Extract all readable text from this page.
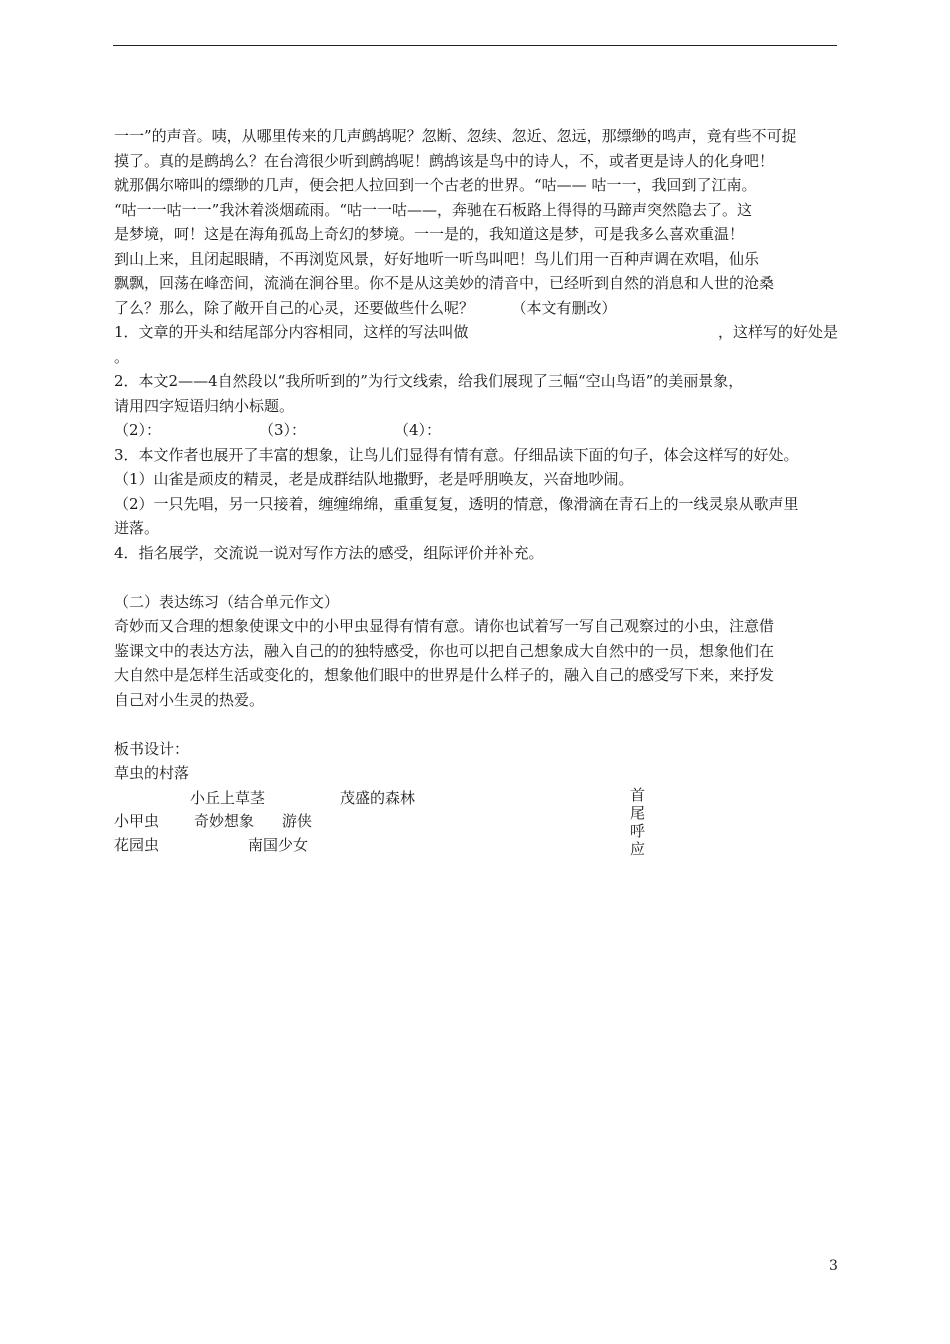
一一”的声音。咦，从哪里传来的几声鹧鸪呢？忽断、忽续、忽近、忽远，那缥缈的鸣声，竟有些不可捉
摸了。真的是鹧鸪么？在台湾很少听到鹧鸪呢！鹧鸪该是鸟中的诗人，不，或者更是诗人的化身吧！
就那偶尔啼叫的缥缈的几声，便会把人拉回到一个古老的世界。“咕—— 咕一一，我回到了江南。
“咕一一咕一一”我沐着淡烟疏雨。“咕一一咕——，奔驰在石板路上得得的马蹄声突然隐去了。这
是梦境，呵！这是在海角孤岛上奇幻的梦境。一一是的，我知道这是梦，可是我多么喜欢重温！
到山上来，且闭起眼睛，不再浏览风景，好好地听一听鸟叫吧！鸟儿们用一百种声调在欢唱，仙乐
飘飘，回荡在峰峦间，流淌在涧谷里。你不是从这美妙的清音中，已经听到自然的消息和人世的沧桑
了么？那么，除了敞开自己的心灵，还要做些什么呢？　　　（本文有删改）
1．文章的开头和结尾部分内容相同，这样的写法叫做	，这样写的好处是
。
2．本文2——4自然段以“我所听到的”为行文线索，给我们展现了三幅“空山鸟语”的美丽景象，
请用四字短语归纳小标题。
（2）：	（3）：	（4）：
3．本文作者也展开了丰富的想象，让鸟儿们显得有情有意。仔细品读下面的句子，体会这样写的好处。
（1）山雀是顽皮的精灵，老是成群结队地撒野，老是呼朋唤友，兴奋地吵闹。
（2）一只先唱，另一只接着，缠缠绵绵，重重复复，透明的情意，像滑滴在青石上的一线灵泉从歌声里
迸落。
4．指名展学，交流说一说对写作方法的感受，组际评价并补充。
（二）表达练习（结合单元作文）
奇妙而又合理的想象使课文中的小甲虫显得有情有意。请你也试着写一写自己观察过的小虫，注意借
鉴课文中的表达方法，融入自己的的独特感受，你也可以把自己想象成大自然中的一员，想象他们在
大自然中是怎样生活或变化的，想象他们眼中的世界是什么样子的，融入自己的感受写下来，来抒发
自己对小生灵的热爱。
板书设计：
草虫的村落
小丘上草茎	茂盛的森林
小甲虫 奇妙想象 游侠
花园虫	南国少女
首尾呼应
3
